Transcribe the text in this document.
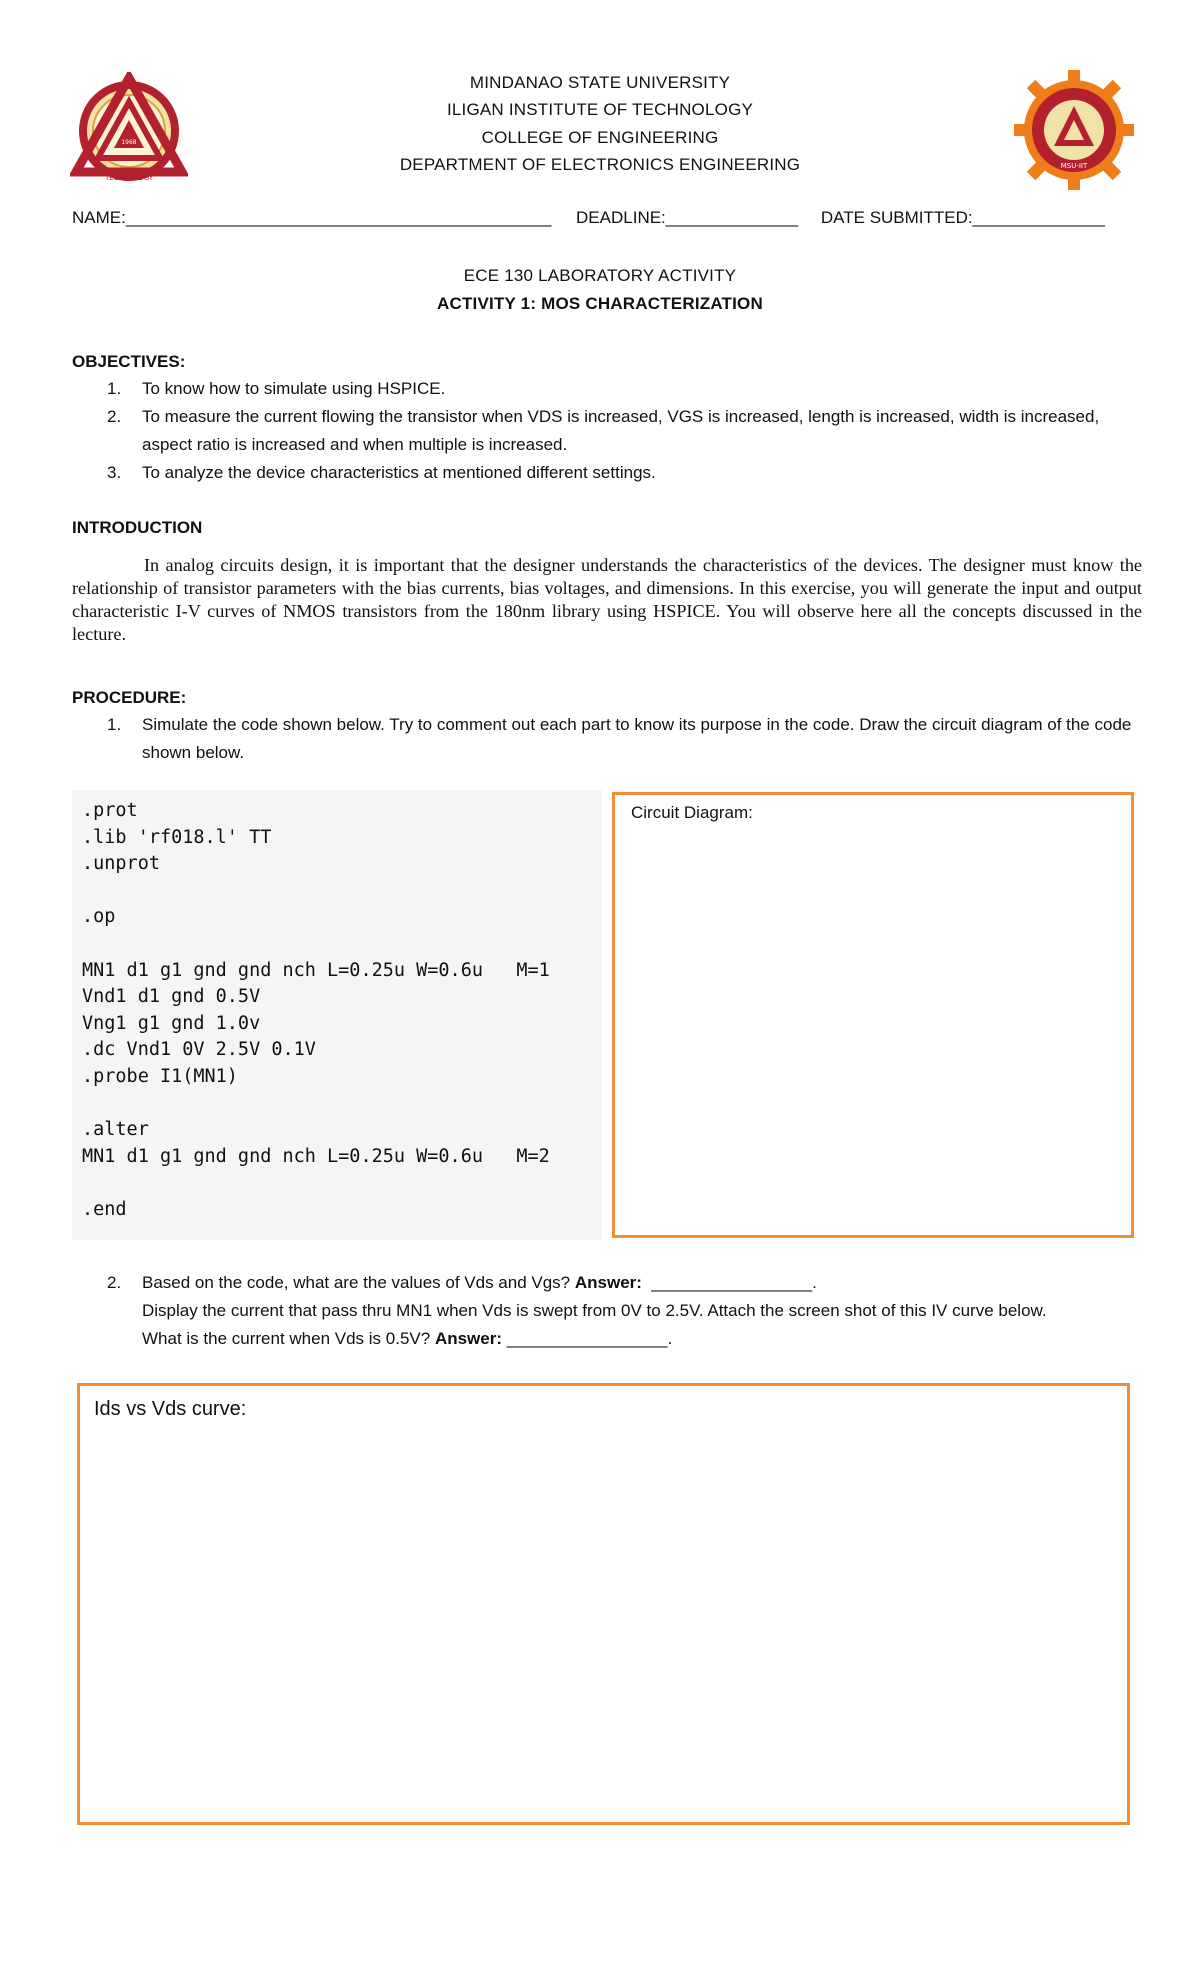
1968
TECHNOLOGY
MSU-IIT
MINDANAO STATE UNIVERSITY
ILIGAN INSTITUTE OF TECHNOLOGY
COLLEGE OF ENGINEERING
DEPARTMENT OF ELECTRONICS ENGINEERING
NAME:_____________________________________________ DEADLINE:______________ DATE SUBMITTED:______________
ECE 130 LABORATORY ACTIVITY
ACTIVITY 1: MOS CHARACTERIZATION
OBJECTIVES:
1. To know how to simulate using HSPICE.
2. To measure the current flowing the transistor when VDS is increased, VGS is increased, length is increased, width is increased, aspect ratio is increased and when multiple is increased.
3. To analyze the device characteristics at mentioned different settings.
INTRODUCTION
In analog circuits design, it is important that the designer understands the characteristics of the devices. The designer must know the relationship of transistor parameters with the bias currents, bias voltages, and dimensions. In this exercise, you will generate the input and output characteristic I-V curves of NMOS transistors from the 180nm library using HSPICE. You will observe here all the concepts discussed in the lecture.
PROCEDURE:
1. Simulate the code shown below. Try to comment out each part to know its purpose in the code. Draw the circuit diagram of the code shown below.
.prot
.lib 'rf018.l' TT
.unprot
.op
MN1 d1 g1 gnd gnd nch L=0.25u W=0.6u   M=1
Vnd1 d1 gnd 0.5V
Vng1 g1 gnd 1.0v
.dc Vnd1 0V 2.5V 0.1V
.probe I1(MN1)
.alter
MN1 d1 g1 gnd gnd nch L=0.25u W=0.6u   M=2
.end
Circuit Diagram:
2. Based on the code, what are the values of Vds and Vgs? Answer: _________________.
Display the current that pass thru MN1 when Vds is swept from 0V to 2.5V. Attach the screen shot of this IV curve below.
What is the current when Vds is 0.5V? Answer: _________________.
Ids vs Vds curve:
